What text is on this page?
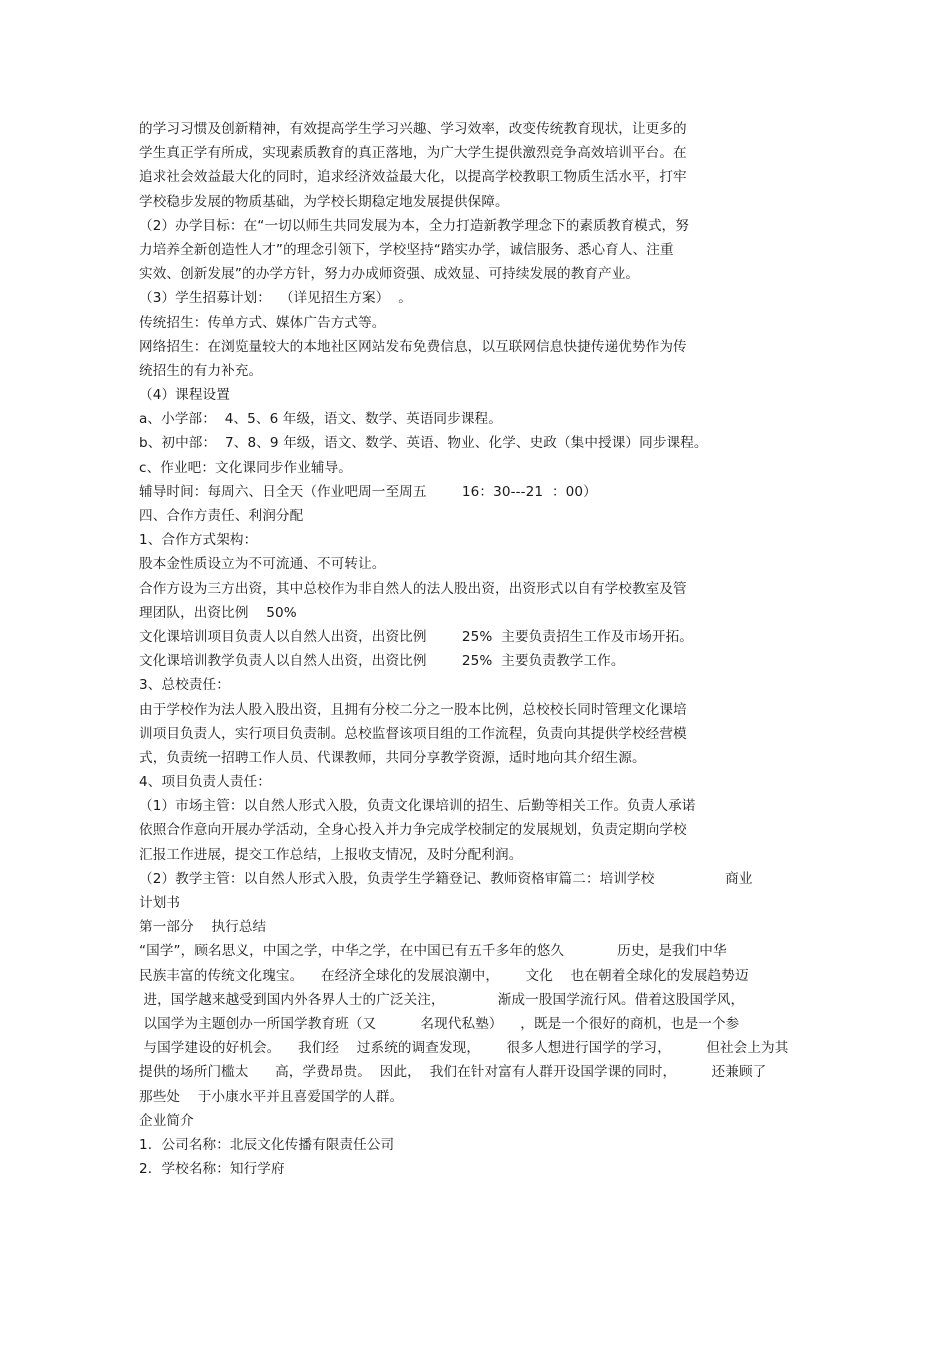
的学习习惯及创新精神，有效提高学生学习兴趣、学习效率，改变传统教育现状，让更多的
学生真正学有所成，实现素质教育的真正落地，为广大学生提供激烈竞争高效培训平台。在
追求社会效益最大化的同时，追求经济效益最大化，以提高学校教职工物质生活水平，打牢
学校稳步发展的物质基础，为学校长期稳定地发展提供保障。
（2）办学目标：在“一切以师生共同发展为本，全力打造新教学理念下的素质教育模式，努
力培养全新创造性人才”的理念引领下，学校坚持“踏实办学，诚信服务、悉心育人、注重
实效、创新发展”的办学方针，努力办成师资强、成效显、可持续发展的教育产业。
（3）学生招募计划：  （详见招生方案）  。
传统招生：传单方式、媒体广告方式等。
网络招生：在浏览量较大的本地社区网站发布免费信息，以互联网信息快捷传递优势作为传
统招生的有力补充。
（4）课程设置
a、小学部：  4、5、6 年级，语文、数学、英语同步课程。
b、初中部：  7、8、9 年级，语文、数学、英语、物业、化学、史政（集中授课）同步课程。
c、作业吧：文化课同步作业辅导。
辅导时间：每周六、日全天（作业吧周一至周五        16：30---21  ：00）
四、合作方责任、利润分配
1、合作方式架构：
股本金性质设立为不可流通、不可转让。
合作方设为三方出资，其中总校作为非自然人的法人股出资，出资形式以自有学校教室及管
理团队，出资比例    50%
文化课培训项目负责人以自然人出资，出资比例        25%  主要负责招生工作及市场开拓。
文化课培训教学负责人以自然人出资，出资比例        25%  主要负责教学工作。
3、总校责任：
由于学校作为法人股入股出资，且拥有分校二分之一股本比例，总校校长同时管理文化课培
训项目负责人，实行项目负责制。总校监督该项目组的工作流程，负责向其提供学校经营模
式，负责统一招聘工作人员、代课教师，共同分享教学资源，适时地向其介绍生源。
4、项目负责人责任：
（1）市场主管：以自然人形式入股，负责文化课培训的招生、后勤等相关工作。负责人承诺
依照合作意向开展办学活动，全身心投入并力争完成学校制定的发展规划，负责定期向学校
汇报工作进展，提交工作总结，上报收支情况，及时分配利润。
（2）教学主管：以自然人形式入股，负责学生学籍登记、教师资格审篇二：培训学校                商业
计划书
第一部分    执行总结
“国学”，顾名思义，中国之学，中华之学，在中国已有五千多年的悠久            历史，是我们中华
民族丰富的传统文化瑰宝。    在经济全球化的发展浪潮中，      文化    也在朝着全球化的发展趋势迈
进，国学越来越受到国内外各界人士的广泛关注，            渐成一股国学流行风。借着这股国学风，
以国学为主题创办一所国学教育班（又          名现代私塾）    ，既是一个很好的商机，也是一个参
与国学建设的好机会。    我们经    过系统的调查发现，      很多人想进行国学的学习，        但社会上为其
提供的场所门槛太      高，学费昂贵。  因此，  我们在针对富有人群开设国学课的同时，        还兼顾了
那些处    于小康水平并且喜爱国学的人群。
企业简介
1．公司名称：北辰文化传播有限责任公司
2．学校名称：知行学府
